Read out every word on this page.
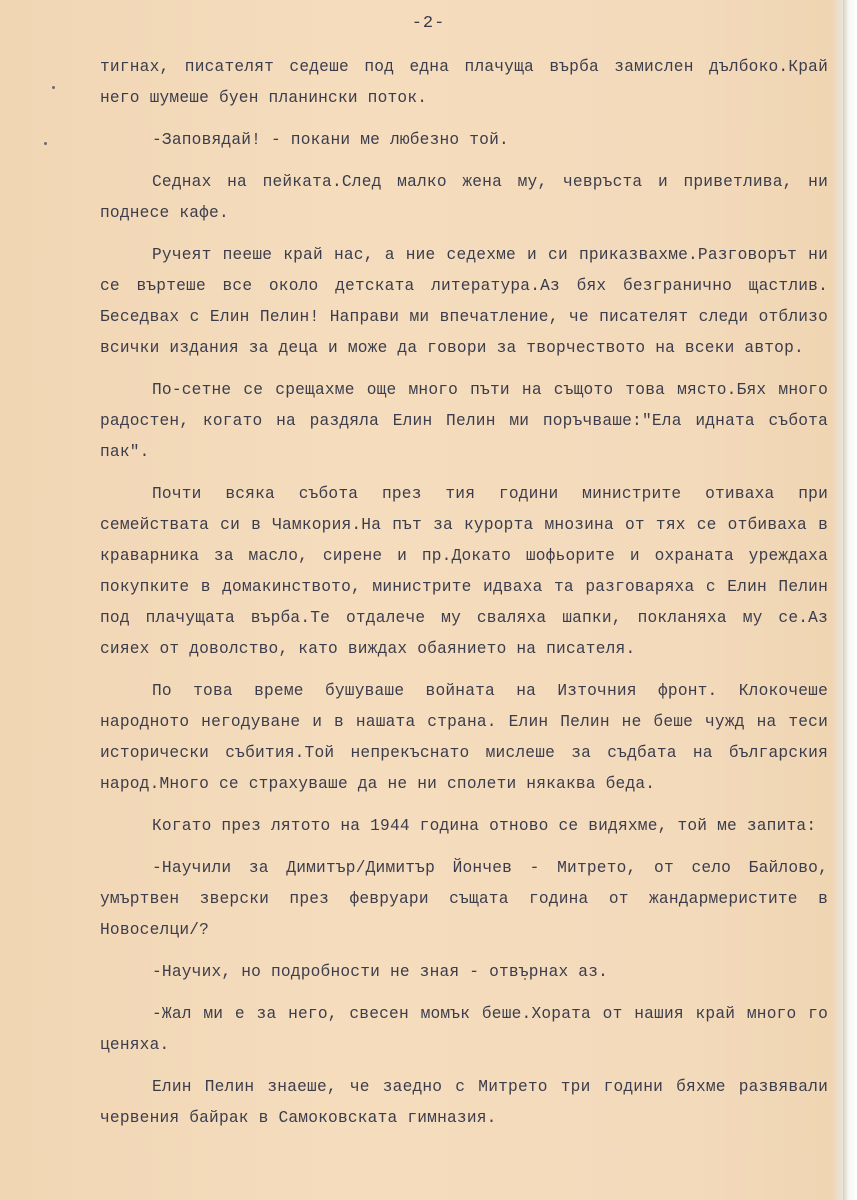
-2-

тигнах, писателят седеше под една плачуща върба замислен дълбоко.Край него шумеше буен планински поток.

-Заповядай! - покани ме любезно той.

Седнах на пейката.След малко жена му, чевръста и приветлива, ни поднесе кафе.

Ручеят пееше край нас, а ние седехме и си приказвахме.Разговорът ни се въртеше все около детската литература.Аз бях безгранично щастлив. Беседвах с Елин Пелин! Направи ми впечатление, че писателят следи отблизо всички издания за деца и може да говори за творчеството на всеки автор.

По-сетне се срещахме още много пъти на същото това място.Бях много радостен, когато на раздяла Елин Пелин ми поръчваше:"Ела идната събота пак".

Почти всяка събота през тия години министрите отиваха при семействата си в Чамкория.На път за курорта мнозина от тях се отбиваха в краварника за масло, сирене и пр.Докато шофьорите и охраната уреждаха покупките в домакинството, министрите идваха та разговаряха с Елин Пелин под плачущата върба.Те отдалече му сваляха шапки, покланяха му се.Аз сияех от доволство, като виждах обаянието на писателя.

По това време бушуваше войната на Източния фронт. Клокочеше народното негодуване и в нашата страна. Елин Пелин не беше чужд на теси исторически събития.Той непрекъснато мислеше за съдбата на българския народ.Много се страхуваше да не ни сполети някаква беда.

Когато през лятото на 1944 година отново се видяхме, той ме запита:

-Научили за Димитър/Димитър Йончев - Митрето, от село Байлово, умъртвен зверски през февруари същата година от жандармеристите в Новоселци/?

-Научих, но подробности не зная - отвърнах аз.

-Жал ми е за него, свесен момък беше.Хората от нашия край много го ценяха.

Елин Пелин знаеше, че заедно с Митрето три години бяхме развявали червения байрак в Самоковската гимназия.
